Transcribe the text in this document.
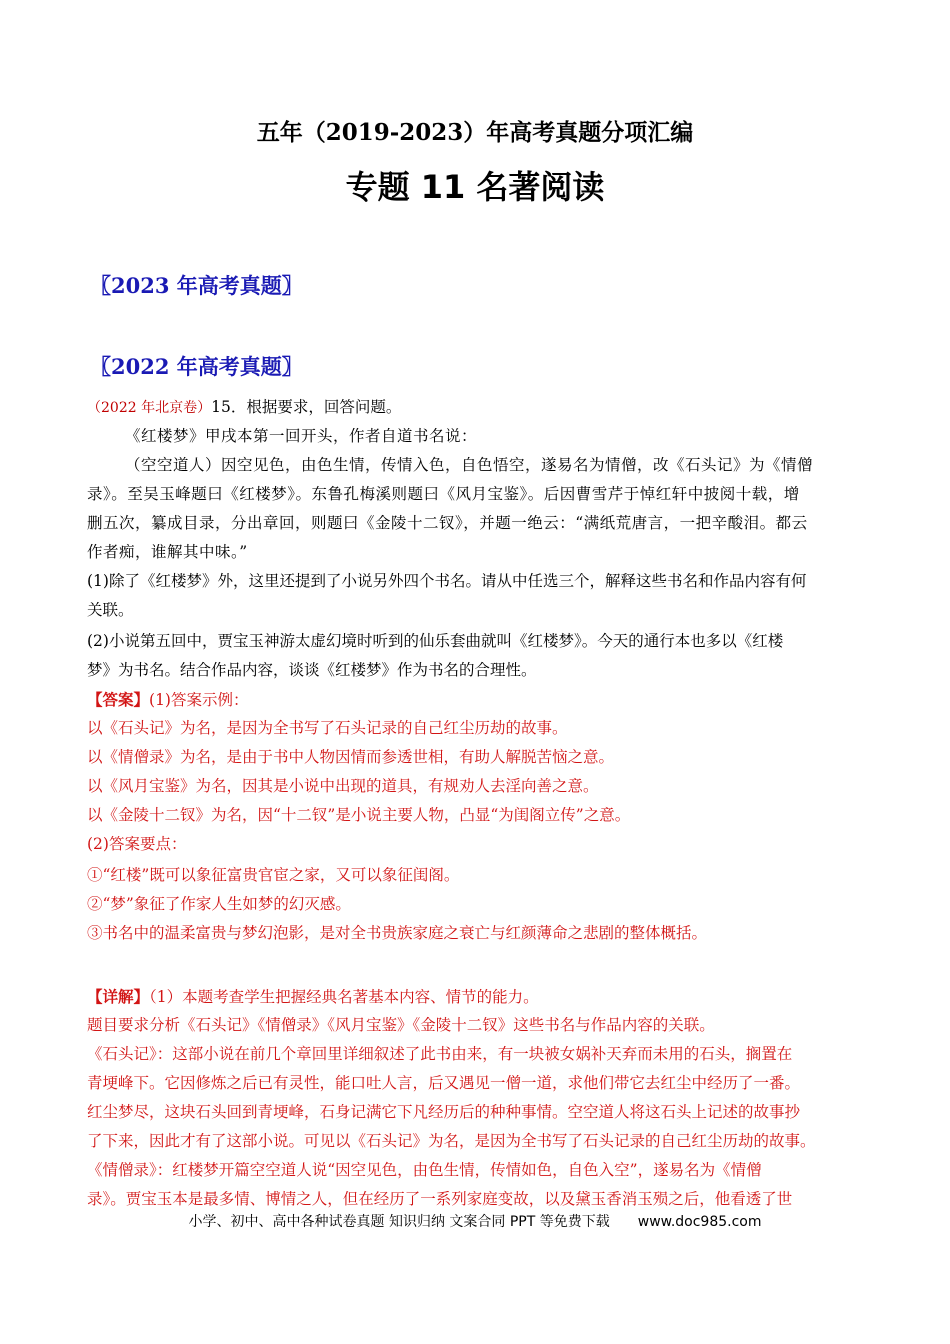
五年（2019-2023）年高考真题分项汇编
专题 11 名著阅读
〖2023 年高考真题〗
〖2022 年高考真题〗
（2022 年北京卷）15．根据要求，回答问题。
《红楼梦》甲戌本第一回开头，作者自道书名说：
（空空道人）因空见色，由色生情，传情入色，自色悟空，遂易名为情僧，改《石头记》为《情僧
录》。至吴玉峰题曰《红楼梦》。东鲁孔梅溪则题曰《风月宝鉴》。后因曹雪芹于悼红轩中披阅十载，增
删五次，纂成目录，分出章回，则题曰《金陵十二钗》，并题一绝云：“满纸荒唐言，一把辛酸泪。都云
作者痴，谁解其中味。”
(1)除了《红楼梦》外，这里还提到了小说另外四个书名。请从中任选三个，解释这些书名和作品内容有何
关联。
(2)小说第五回中，贾宝玉神游太虚幻境时听到的仙乐套曲就叫《红楼梦》。今天的通行本也多以《红楼
梦》为书名。结合作品内容，谈谈《红楼梦》作为书名的合理性。
【答案】(1)答案示例：
以《石头记》为名，是因为全书写了石头记录的自己红尘历劫的故事。
以《情僧录》为名，是由于书中人物因情而参透世相，有助人解脱苦恼之意。
以《风月宝鉴》为名，因其是小说中出现的道具，有规劝人去淫向善之意。
以《金陵十二钗》为名，因“十二钗”是小说主要人物，凸显“为闺阁立传”之意。
(2)答案要点：
①“红楼”既可以象征富贵官宦之家，又可以象征闺阁。
②“梦”象征了作家人生如梦的幻灭感。
③书名中的温柔富贵与梦幻泡影，是对全书贵族家庭之衰亡与红颜薄命之悲剧的整体概括。
【详解】（1）本题考查学生把握经典名著基本内容、情节的能力。
题目要求分析《石头记》《情僧录》《风月宝鉴》《金陵十二钗》这些书名与作品内容的关联。
《石头记》：这部小说在前几个章回里详细叙述了此书由来，有一块被女娲补天弃而未用的石头，搁置在
青埂峰下。它因修炼之后已有灵性，能口吐人言，后又遇见一僧一道，求他们带它去红尘中经历了一番。
红尘梦尽，这块石头回到青埂峰，石身记满它下凡经历后的种种事情。空空道人将这石头上记述的故事抄
了下来，因此才有了这部小说。可见以《石头记》为名，是因为全书写了石头记录的自己红尘历劫的故事。
《情僧录》：红楼梦开篇空空道人说“因空见色，由色生情，传情如色，自色入空”，遂易名为《情僧
录》。贾宝玉本是最多情、博情之人，但在经历了一系列家庭变故，以及黛玉香消玉殒之后，他看透了世
小学、初中、高中各种试卷真题 知识归纳 文案合同 PPT 等免费下载 www.doc985.com
